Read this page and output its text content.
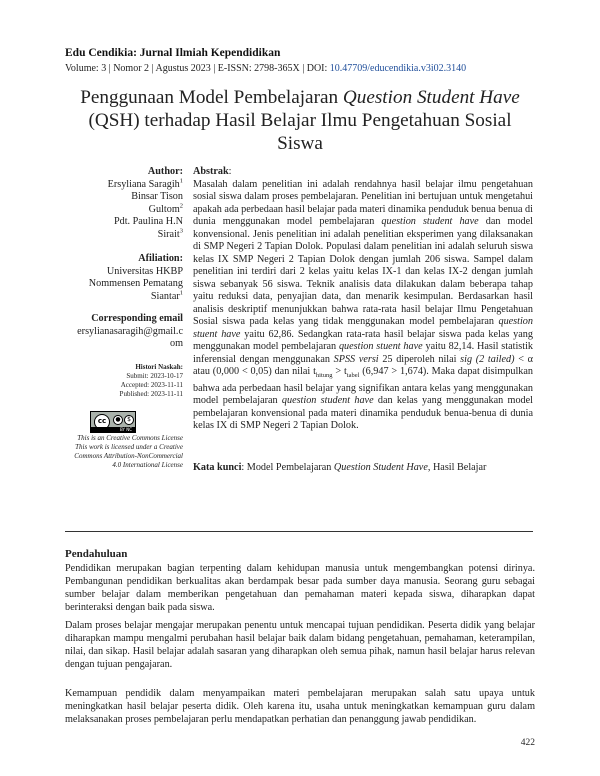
Edu Cendikia: Jurnal Ilmiah Kependidikan
Volume: 3 | Nomor 2 | Agustus 2023 | E-ISSN: 2798-365X | DOI: 10.47709/educendikia.v3i02.3140
Penggunaan Model Pembelajaran Question Student Have (QSH) terhadap Hasil Belajar Ilmu Pengetahuan Sosial Siswa
Author:
Ersyliana Saragih$^1$
Binsar Tison Gultom$^2$
Pdt. Paulina H.N Sirait$^3$
Afiliation:
Universitas HKBP Nommensen Pematang Siantar$^1$
Corresponding email
ersylianasaragih@gmail.com
Histori Naskah:
Submit: 2023-10-17
Accepted: 2023-11-11
Published: 2023-11-11
cc	●	$
BY NC
This is an Creative Commons License This work is licensed under a Creative Commons Attribution-NonCommercial 4.0 International License
Abstrak:
Masalah dalam penelitian ini adalah rendahnya hasil belajar ilmu pengetahuan sosial siswa dalam proses pembelajaran. Penelitian ini bertujuan untuk mengetahui apakah ada perbedaan hasil belajar pada materi dinamika penduduk benua benua di dunia menggunakan model pembelajaran question student have dan model konvensional. Jenis penelitian ini adalah penelitian eksperimen yang dilaksanakan di SMP Negeri 2 Tapian Dolok. Populasi dalam penelitian ini adalah seluruh siswa kelas IX SMP Negeri 2 Tapian Dolok dengan jumlah 206 siswa. Sampel dalam penelitian ini terdiri dari 2 kelas yaitu kelas IX-1 dan kelas IX-2 dengan jumlah siswa sebanyak 56 siswa. Teknik analisis data dilakukan dalam beberapa tahap yaitu reduksi data, penyajian data, dan menarik kesimpulan. Berdasarkan hasil analisis deskriptif menunjukkan bahwa rata-rata hasil belajar Ilmu Pengetahuan Sosial siswa pada kelas yang tidak menggunakan model pembelajaran question stuent have yaitu 62,86. Sedangkan rata-rata hasil belajar siswa pada kelas yang menggunakan model pembelajaran question stuent have yaitu 82,14. Hasil statistik inferensial dengan menggunakan SPSS versi 25 diperoleh nilai sig (2 tailed) < α atau (0,000 < 0,05) dan nilai $t_{hitung} > t_{tabel}$ (6,947 > 1,674). Maka dapat disimpulkan bahwa ada perbedaan hasil belajar yang signifikan antara kelas yang menggunakan model pembelajaran question student have dan kelas yang menggunakan model pembelajaran konvensional pada materi dinamika penduduk benua-benua di dunia kelas IX di SMP Negeri 2 Tapian Dolok.
Kata kunci: Model Pembelajaran Question Student Have, Hasil Belajar
Pendahuluan
Pendidikan merupakan bagian terpenting dalam kehidupan manusia untuk mengembangkan potensi dirinya. Pembangunan pendidikan berkualitas akan berdampak besar pada sumber daya manusia. Seorang guru sebagai sumber belajar dalam memberikan pengetahuan dan pemahaman materi kepada siswa, diharapkan dapat berinteraksi dengan baik pada siswa.
Dalam proses belajar mengajar merupakan penentu untuk mencapai tujuan pendidikan. Peserta didik yang belajar diharapkan mampu mengalmi perubahan hasil belajar baik dalam bidang pengetahuan, pemahaman, keterampilan, nilai, dan sikap. Hasil belajar adalah sasaran yang diharapkan oleh semua pihak, namun hasil belajar harus relevan dengan tujuan pengajaran.
Kemampuan pendidik dalam menyampaikan materi pembelajaran merupakan salah satu upaya untuk meningkatkan hasil belajar peserta didik. Oleh karena itu, usaha untuk meningkatkan kemampuan guru dalam melaksanakan proses pembelajaran perlu mendapatkan perhatian dan penanggung jawab pendidikan.
422
